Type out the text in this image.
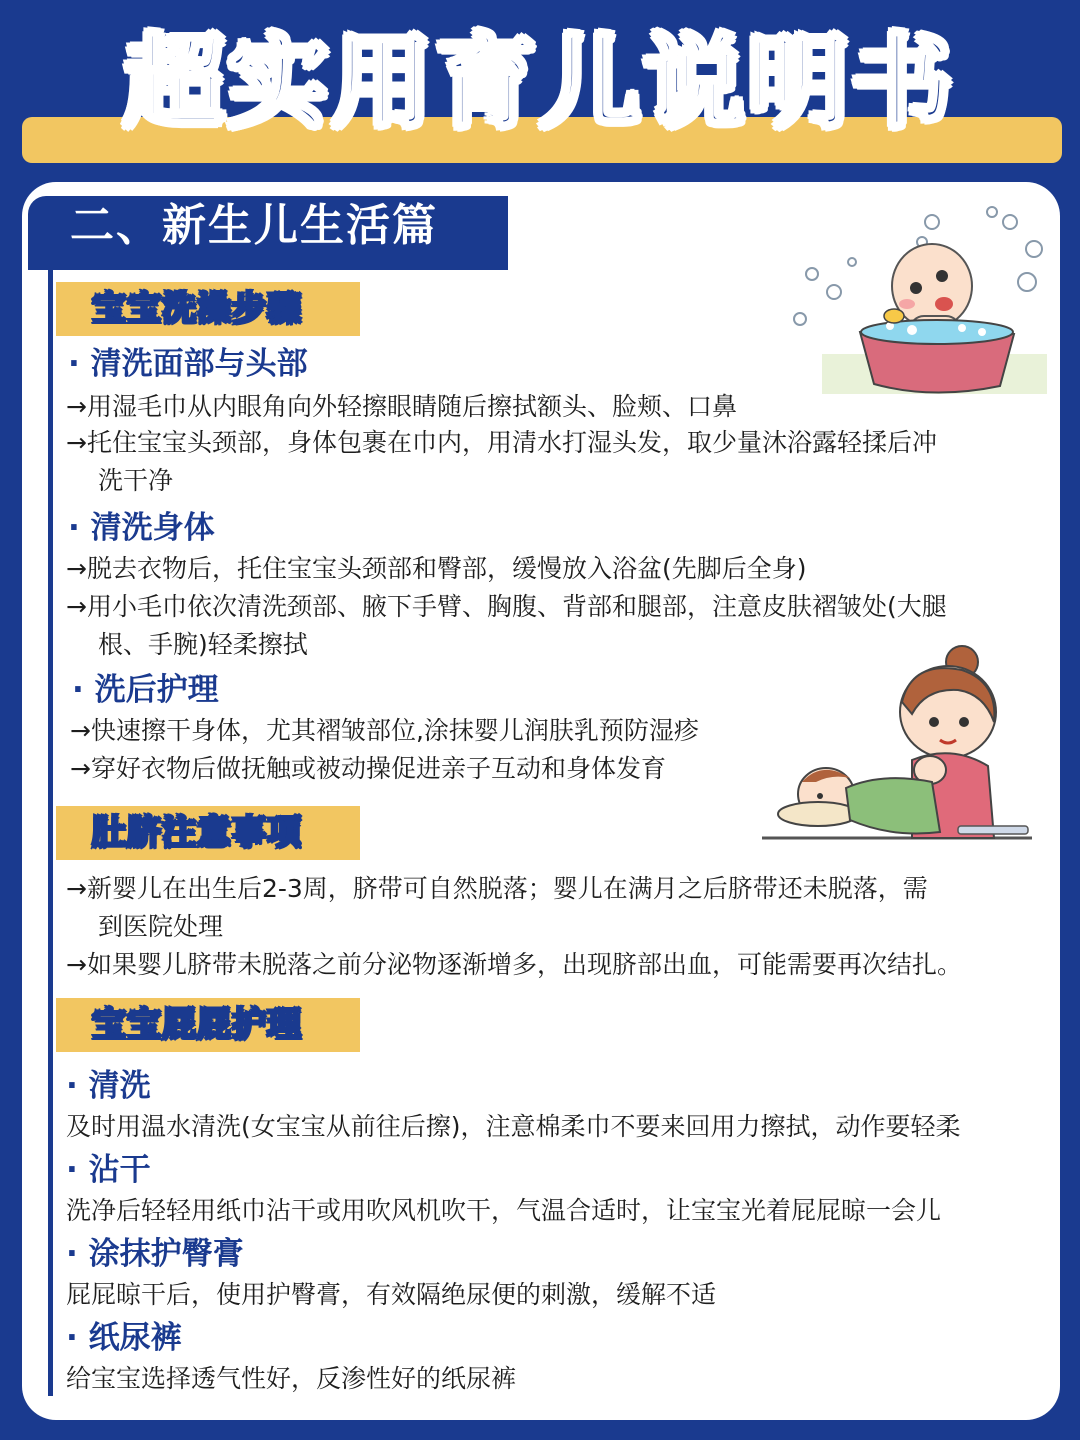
超实用育儿说明书
二、新生儿生活篇
宝宝洗澡步骤
· 清洗面部与头部
→用湿毛巾从内眼角向外轻擦眼睛随后擦拭额头、脸颊、口鼻
→托住宝宝头颈部，身体包裹在巾内，用清水打湿头发，取少量沐浴露轻揉后冲
洗干净
· 清洗身体
→脱去衣物后，托住宝宝头颈部和臀部，缓慢放入浴盆(先脚后全身)
→用小毛巾依次清洗颈部、腋下手臂、胸腹、背部和腿部，注意皮肤褶皱处(大腿
根、手腕)轻柔擦拭
· 洗后护理
→快速擦干身体，尤其褶皱部位,涂抹婴儿润肤乳预防湿疹
→穿好衣物后做抚触或被动操促进亲子互动和身体发育
肚脐注意事项
→新婴儿在出生后2-3周，脐带可自然脱落；婴儿在满月之后脐带还未脱落，需
到医院处理
→如果婴儿脐带未脱落之前分泌物逐渐增多，出现脐部出血，可能需要再次结扎。
宝宝屁屁护理
· 清洗
及时用温水清洗(女宝宝从前往后擦)，注意棉柔巾不要来回用力擦拭，动作要轻柔
· 沾干
洗净后轻轻用纸巾沾干或用吹风机吹干，气温合适时，让宝宝光着屁屁晾一会儿
· 涂抹护臀膏
屁屁晾干后，使用护臀膏，有效隔绝尿便的刺激，缓解不适
· 纸尿裤
给宝宝选择透气性好，反渗性好的纸尿裤
